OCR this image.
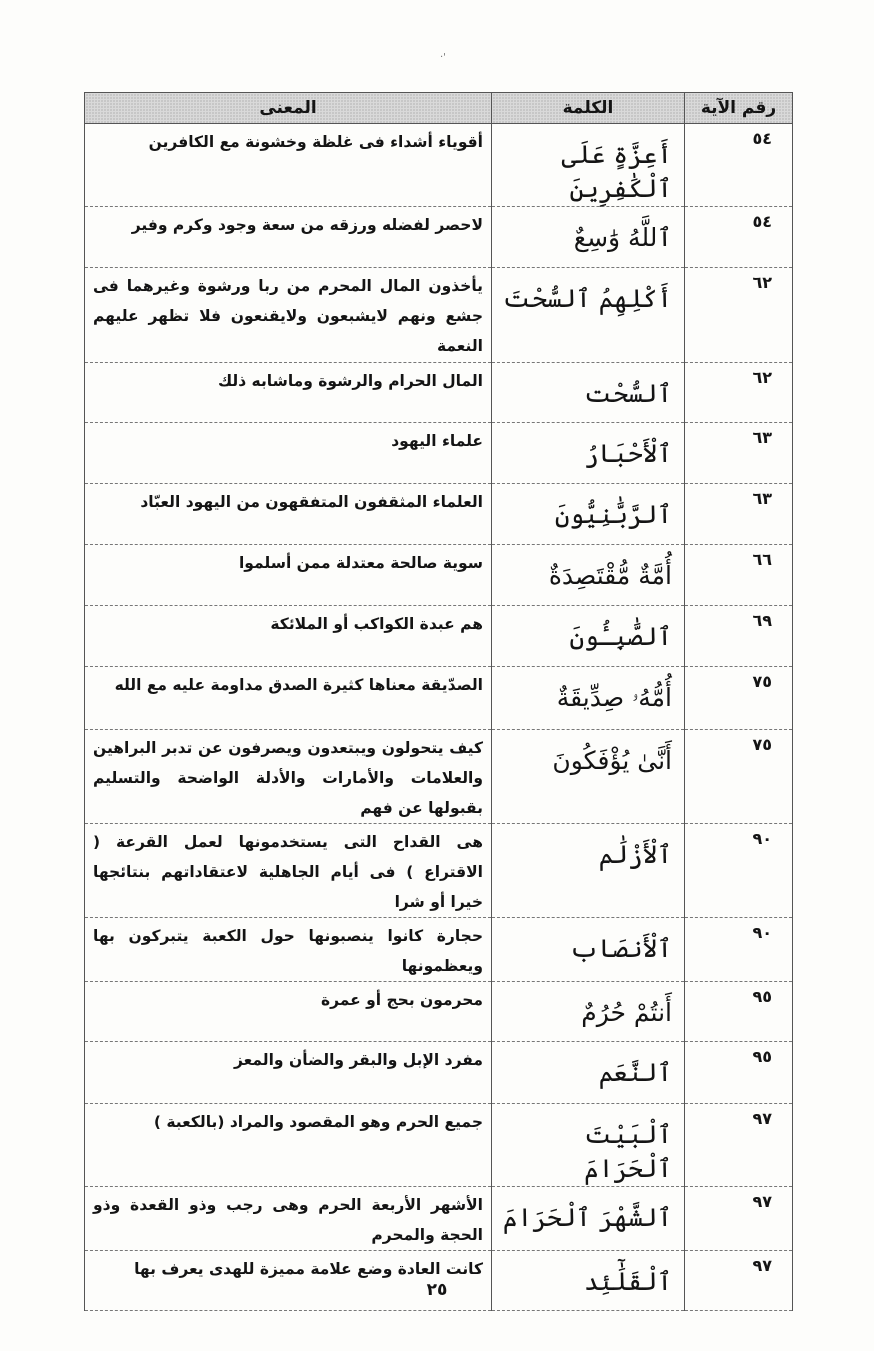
·'
رقم الآية	الكلمة	المعنى
٥٤	أَعِزَّةٍ عَلَى ٱلْكَٰفِرِينَ	أقوياء أشداء فى غلظة وخشونة مع الكافرين
٥٤	ٱللَّهُ وَٰسِعٌ	لاحصر لفضله ورزقه من سعة وجود وكرم وفير
٦٢	أَكْلِهِمُ ٱلسُّحْتَ	يأخذون المال المحرم من ربا ورشوة وغيرهما فى جشع ونهم لايشبعون ولايقنعون فلا تظهر عليهم النعمة
٦٢	ٱلسُّحْت	المال الحرام والرشوة وماشابه ذلك
٦٣	ٱلْأَحْبَارُ	علماء اليهود
٦٣	ٱلرَّبَّٰنِيُّونَ	العلماء المثقفون المتفقهون من اليهود العبّاد
٦٦	أُمَّةٌ مُّقْتَصِدَةٌ	سوية صالحة معتدلة ممن أسلموا
٦٩	ٱلصَّٰبِـُٔونَ	هم عبدة الكواكب أو الملائكة
٧٥	أُمُّهُۥ صِدِّيقَةٌ	الصدّيقة معناها كثيرة الصدق مداومة عليه مع الله
٧٥	أَنَّىٰ يُؤْفَكُونَ	كيف يتحولون ويبتعدون ويصرفون عن تدبر البراهين والعلامات والأمارات والأدلة الواضحة والتسليم بقبولها عن فهم
٩٠	ٱلْأَزْلَٰم	هى القداح التى يستخدمونها لعمل القرعة ( الاقتراع ) فى أيام الجاهلية لاعتقاداتهم بنتائجها خيرا أو شرا
٩٠	ٱلْأَنصَاب	حجارة كانوا ينصبونها حول الكعبة يتبركون بها ويعظمونها
٩٥	أَنتُمْ حُرُمٌ	محرمون بحج أو عمرة
٩٥	ٱلنَّعَم	مفرد الإبل والبقر والضأن والمعز
٩٧	ٱلْبَيْتَ ٱلْحَرَامَ	جميع الحرم وهو المقصود والمراد (بالكعبة )
٩٧	ٱلشَّهْرَ ٱلْحَرَامَ	الأشهر الأربعة الحرم وهى رجب وذو القعدة وذو الحجة والمحرم
٩٧	ٱلْقَلَٰٓئِد	كانت العادة وضع علامة مميزة للهدى يعرف بها
٢٥
